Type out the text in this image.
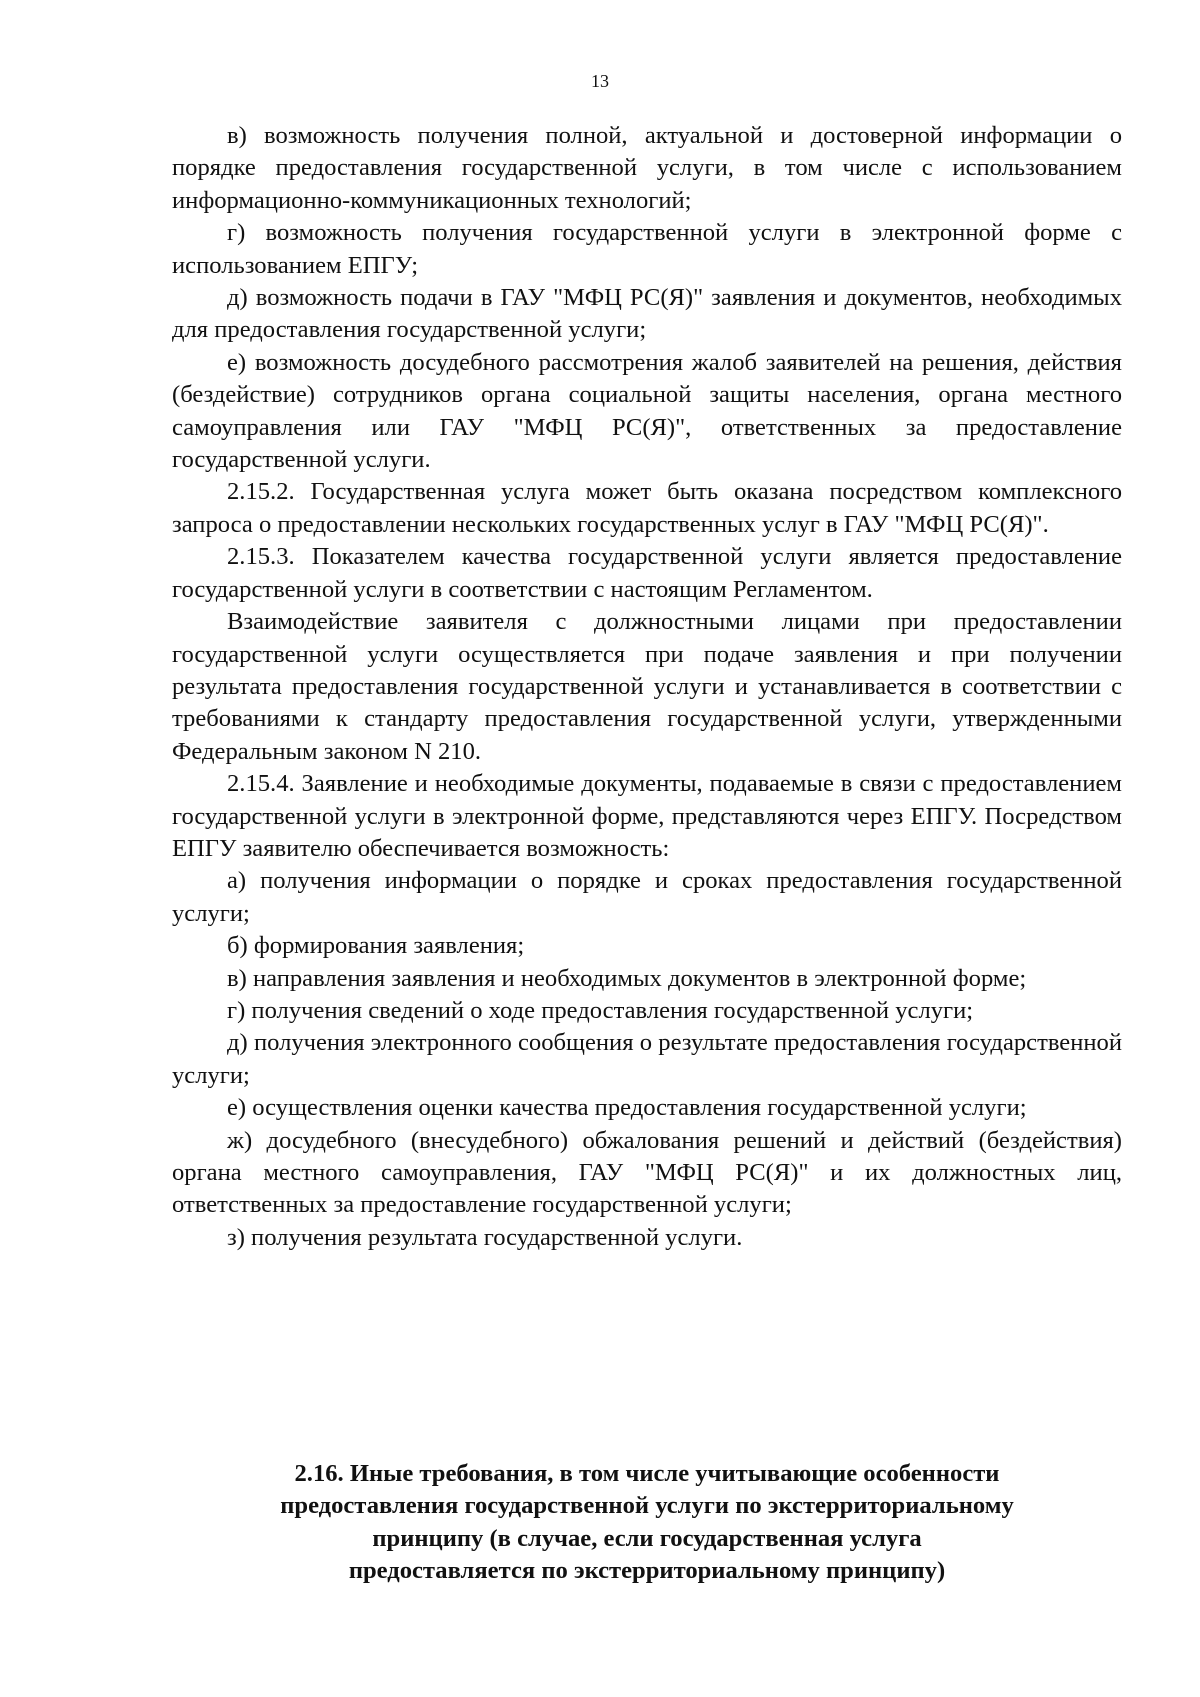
13

в) возможность получения полной, актуальной и достоверной информации о порядке предоставления государственной услуги, в том числе с использованием информационно-коммуникационных технологий;

г) возможность получения государственной услуги в электронной форме с использованием ЕПГУ;

д) возможность подачи в ГАУ "МФЦ РС(Я)" заявления и документов, необходимых для предоставления государственной услуги;

е) возможность досудебного рассмотрения жалоб заявителей на решения, действия (бездействие) сотрудников органа социальной защиты населения, органа местного самоуправления или ГАУ "МФЦ РС(Я)", ответственных за предоставление государственной услуги.

2.15.2. Государственная услуга может быть оказана посредством комплексного запроса о предоставлении нескольких государственных услуг в ГАУ "МФЦ РС(Я)".

2.15.3. Показателем качества государственной услуги является предоставление государственной услуги в соответствии с настоящим Регламентом.

Взаимодействие заявителя с должностными лицами при предоставлении государственной услуги осуществляется при подаче заявления и при получении результата предоставления государственной услуги и устанавливается в соответствии с требованиями к стандарту предоставления государственной услуги, утвержденными Федеральным законом N 210.

2.15.4. Заявление и необходимые документы, подаваемые в связи с предоставлением государственной услуги в электронной форме, представляются через ЕПГУ. Посредством ЕПГУ заявителю обеспечивается возможность:

а) получения информации о порядке и сроках предоставления государственной услуги;

б) формирования заявления;

в) направления заявления и необходимых документов в электронной форме;

г) получения сведений о ходе предоставления государственной услуги;

д) получения электронного сообщения о результате предоставления государственной услуги;

е) осуществления оценки качества предоставления государственной услуги;

ж) досудебного (внесудебного) обжалования решений и действий (бездействия) органа местного самоуправления, ГАУ "МФЦ РС(Я)" и их должностных лиц, ответственных за предоставление государственной услуги;

з) получения результата государственной услуги.

2.16. Иные требования, в том числе учитывающие особенности
предоставления государственной услуги по экстерриториальному
принципу (в случае, если государственная услуга
предоставляется по экстерриториальному принципу)
